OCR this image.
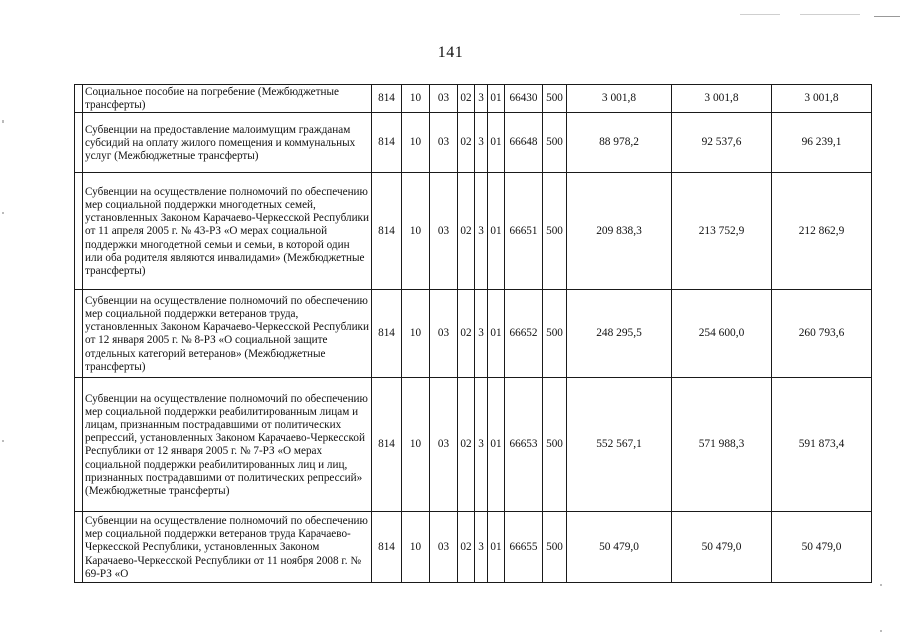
141
	Социальное пособие на погребение (Межбюджетные трансферты)	814	10	03	02	3	01	66430	500	3 001,8	3 001,8	3 001,8
	Субвенции на предоставление малоимущим гражданам субсидий на оплату жилого помещения и коммунальных услуг (Межбюджетные трансферты)	814	10	03	02	3	01	66648	500	88 978,2	92 537,6	96 239,1
	Субвенции на осуществление полномочий по обеспечению мер социальной поддержки многодетных семей, установленных Законом Карачаево-Черкесской Республики от 11 апреля 2005 г. № 43-РЗ «О мерах социальной поддержки многодетной семьи и семьи, в которой один или оба родителя являются инвалидами» (Межбюджетные трансферты)	814	10	03	02	3	01	66651	500	209 838,3	213 752,9	212 862,9
	Субвенции на осуществление полномочий по обеспечению мер социальной поддержки ветеранов труда, установленных Законом Карачаево-Черкесской Республики от 12 января 2005 г. № 8-РЗ «О социальной защите отдельных категорий ветеранов» (Межбюджетные трансферты)	814	10	03	02	3	01	66652	500	248 295,5	254 600,0	260 793,6
	Субвенции на осуществление полномочий по обеспечению мер социальной поддержки реабилитированным лицам и лицам, признанным пострадавшими от политических репрессий, установленных Законом Карачаево-Черкесской Республики от 12 января 2005 г. № 7-РЗ «О мерах социальной поддержки реабилитированных лиц и лиц, признанных пострадавшими от политических репрессий» (Межбюджетные трансферты)	814	10	03	02	3	01	66653	500	552 567,1	571 988,3	591 873,4
	Субвенции на осуществление полномочий по обеспечению мер социальной поддержки ветеранов труда Карачаево-Черкесской Республики, установленных Законом Карачаево-Черкесской Республики от 11 ноября 2008 г. № 69-РЗ «О	814	10	03	02	3	01	66655	500	50 479,0	50 479,0	50 479,0
